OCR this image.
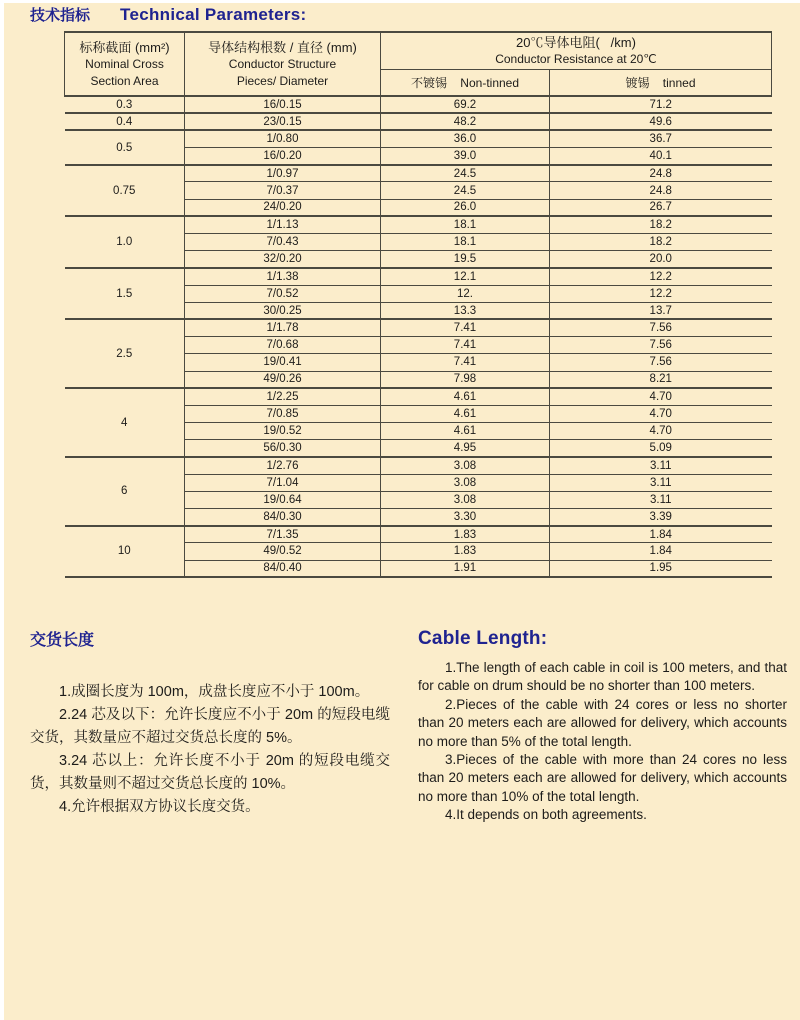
技术指标 Technical Parameters:
标称截面 (mm²)
Nominal Cross
Section Area

导体结构根数 / 直径 (mm)
Conductor Structure
Pieces/ Diameter

20℃导体电阻(   /km)
Conductor Resistance at 20℃

		不镀锡    Non-tinned	镀锡    tinned
0.3	16/0.15	69.2	71.2
0.4	23/0.15	48.2	49.6
0.5	1/0.80	36.0	36.7
	16/0.20	39.0	40.1
0.75	1/0.97	24.5	24.8
	7/0.37	24.5	24.8
	24/0.20	26.0	26.7
1.0	1/1.13	18.1	18.2
	7/0.43	18.1	18.2
	32/0.20	19.5	20.0
1.5	1/1.38	12.1	12.2
	7/0.52	12.	12.2
	30/0.25	13.3	13.7
2.5	1/1.78	7.41	7.56
	7/0.68	7.41	7.56
	19/0.41	7.41	7.56
	49/0.26	7.98	8.21
4	1/2.25	4.61	4.70
	7/0.85	4.61	4.70
	19/0.52	4.61	4.70
	56/0.30	4.95	5.09
6	1/2.76	3.08	3.11
	7/1.04	3.08	3.11
	19/0.64	3.08	3.11
	84/0.30	3.30	3.39
10	7/1.35	1.83	1.84
	49/0.52	1.83	1.84
	84/0.40	1.91	1.95
交货长度

1.成圈长度为 100m，成盘长度应不小于 100m。

2.24 芯及以下：允许长度应不小于 20m 的短段电缆交货，其数量应不超过交货总长度的 5%。

3.24 芯以上：允许长度不小于 20m 的短段电缆交货，其数量则不超过交货总长度的 10%。

4.允许根据双方协议长度交货。

Cable Length:

1.The length of each cable in coil is 100 meters, and that for cable on drum should be no shorter than 100 meters.

2.Pieces of the cable with 24 cores or less no shorter than 20 meters each are allowed for delivery, which accounts no more than 5% of the total length.

3.Pieces of the cable with more than 24 cores no less than 20 meters each are allowed for delivery, which accounts no more than 10% of the total length.

4.It depends on both agreements.
